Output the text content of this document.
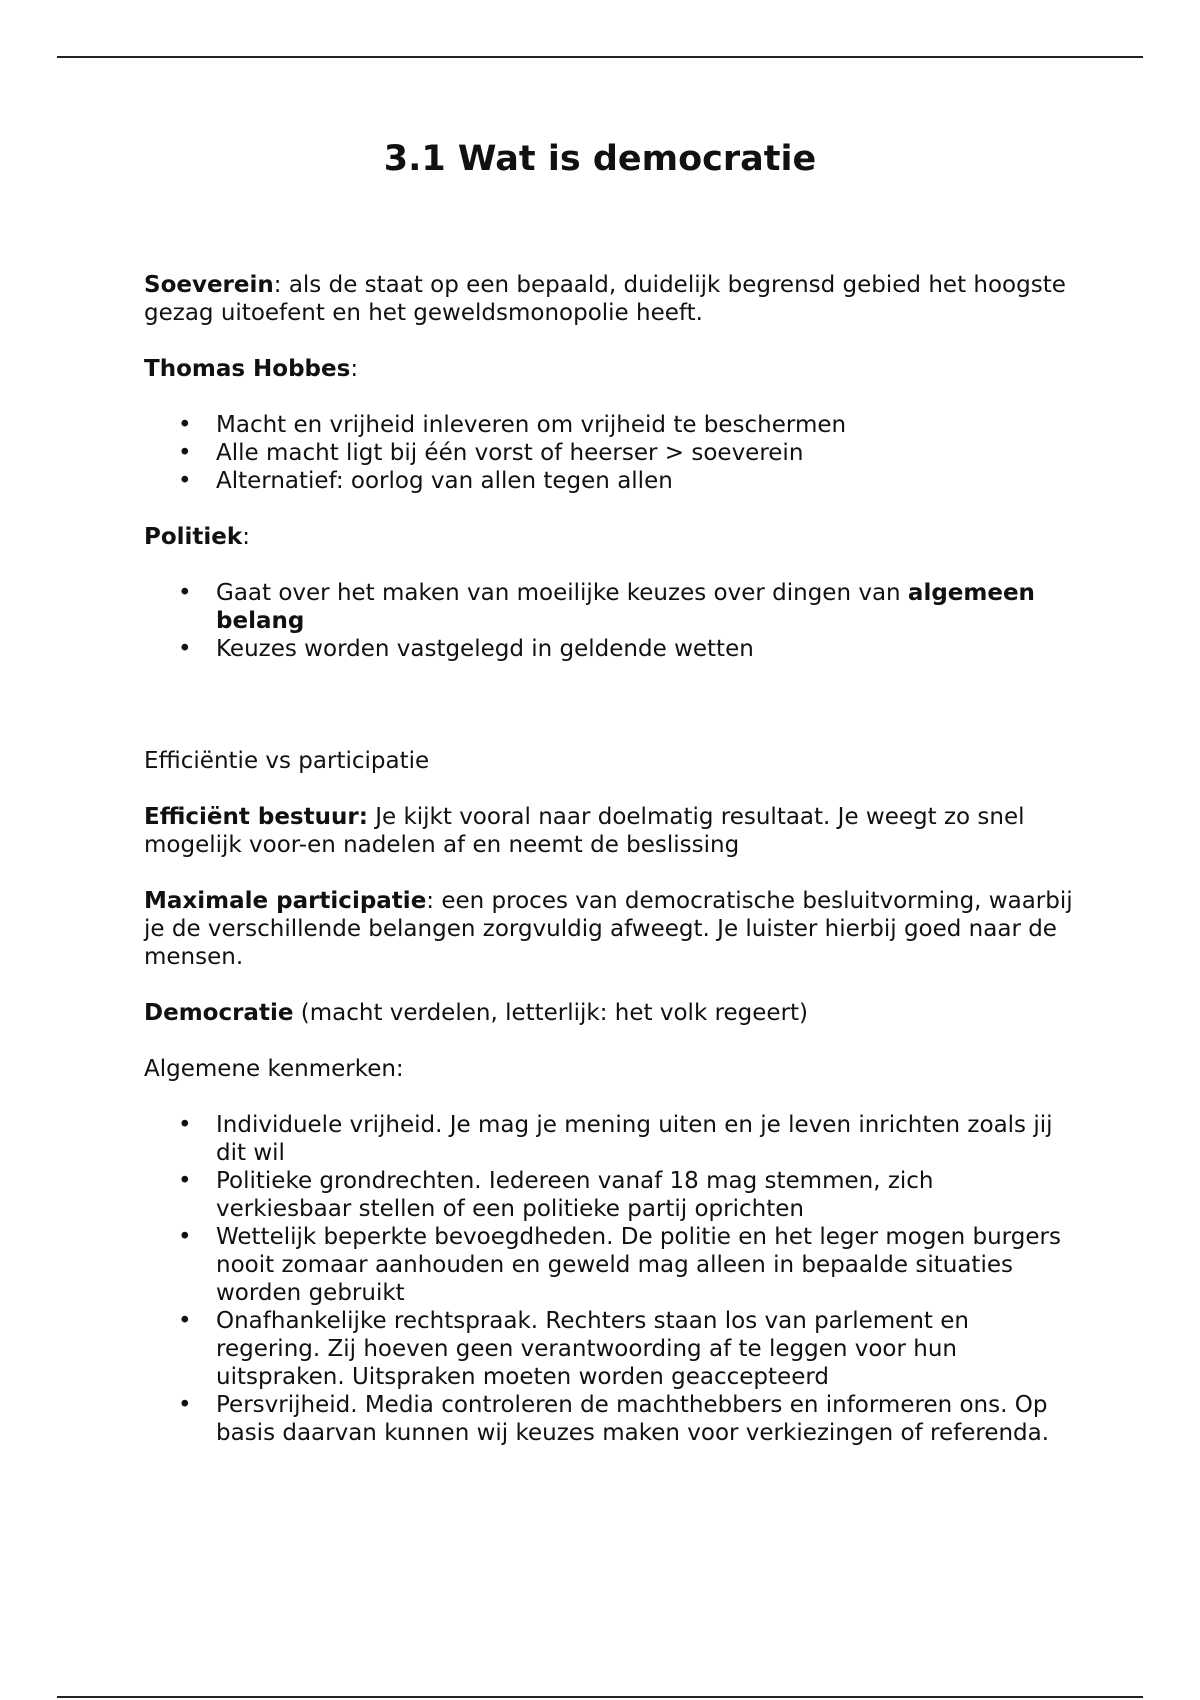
3.1 Wat is democratie

Soeverein: als de staat op een bepaald, duidelijk begrensd gebied het hoogste gezag uitoefent en het geweldsmonopolie heeft.

Thomas Hobbes:

• Macht en vrijheid inleveren om vrijheid te beschermen
• Alle macht ligt bij één vorst of heerser > soeverein
• Alternatief: oorlog van allen tegen allen

Politiek:

• Gaat over het maken van moeilijke keuzes over dingen van algemeen belang
• Keuzes worden vastgelegd in geldende wetten

Efficiëntie vs participatie

Efficiënt bestuur: Je kijkt vooral naar doelmatig resultaat. Je weegt zo snel mogelijk voor-en nadelen af en neemt de beslissing

Maximale participatie: een proces van democratische besluitvorming, waarbij je de verschillende belangen zorgvuldig afweegt. Je luister hierbij goed naar de mensen.

Democratie (macht verdelen, letterlijk: het volk regeert)

Algemene kenmerken:

• Individuele vrijheid. Je mag je mening uiten en je leven inrichten zoals jij dit wil
• Politieke grondrechten. Iedereen vanaf 18 mag stemmen, zich verkiesbaar stellen of een politieke partij oprichten
• Wettelijk beperkte bevoegdheden. De politie en het leger mogen burgers nooit zomaar aanhouden en geweld mag alleen in bepaalde situaties worden gebruikt
• Onafhankelijke rechtspraak. Rechters staan los van parlement en regering. Zij hoeven geen verantwoording af te leggen voor hun uitspraken. Uitspraken moeten worden geaccepteerd
• Persvrijheid. Media controleren de machthebbers en informeren ons. Op basis daarvan kunnen wij keuzes maken voor verkiezingen of referenda.
